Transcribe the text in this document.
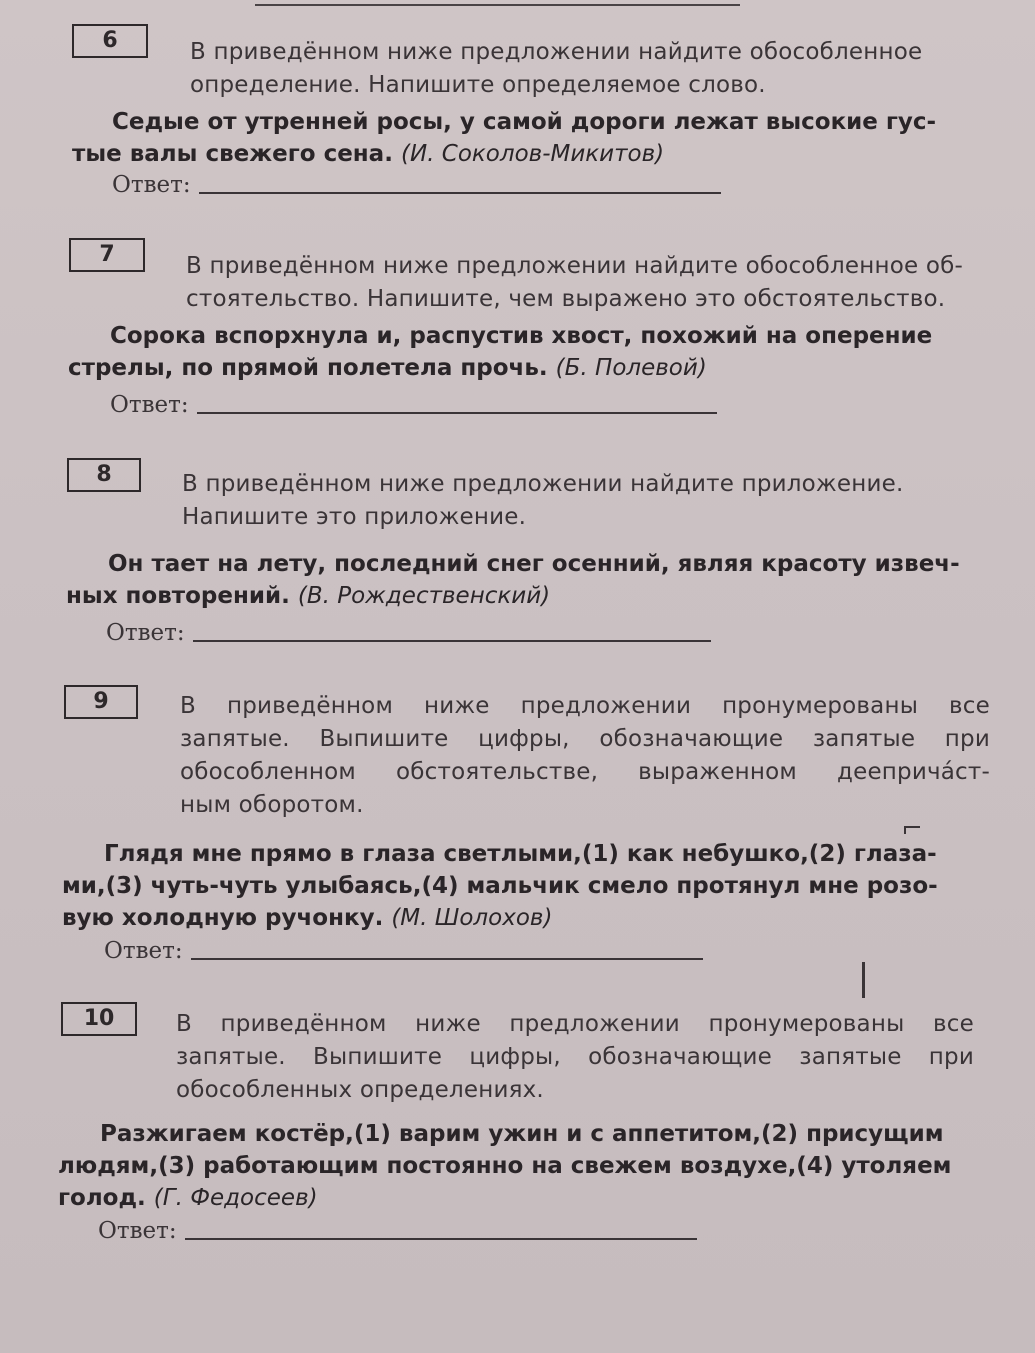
6	В приведённом ниже предложении найдите обособленное
определение. Напишите определяемое слово.
Седые от утренней росы, у самой дороги лежат высокие гус-
тые валы свежего сена. (И. Соколов-Микитов)
Ответ:
7	В приведённом ниже предложении найдите обособленное об-
стоятельство. Напишите, чем выражено это обстоятельство.
Сорока вспорхнула и, распустив хвост, похожий на оперение
стрелы, по прямой полетела прочь. (Б. Полевой)
Ответ:
8	В приведённом ниже предложении найдите приложение.
Напишите это приложение.
Он тает на лету, последний снег осенний, являя красоту извеч-
ных повторений. (В. Рождественский)
Ответ:
9	В приведённом ниже предложении пронумерованы все
запятые. Выпишите цифры, обозначающие запятые при
обособленном обстоятельстве, выраженном дееприча́ст-
ным оборотом.
Глядя мне прямо в глаза светлыми,(1) как небушко,(2) глаза-
ми,(3) чуть-чуть улыбаясь,(4) мальчик смело протянул мне розо-
вую холодную ручонку. (М. Шолохов)
Ответ:
10	В приведённом ниже предложении пронумерованы все
запятые. Выпишите цифры, обозначающие запятые при
обособленных определениях.
Разжигаем костёр,(1) варим ужин и с аппетитом,(2) присущим
людям,(3) работающим постоянно на свежем воздухе,(4) утоляем
голод. (Г. Федосеев)
Ответ:
